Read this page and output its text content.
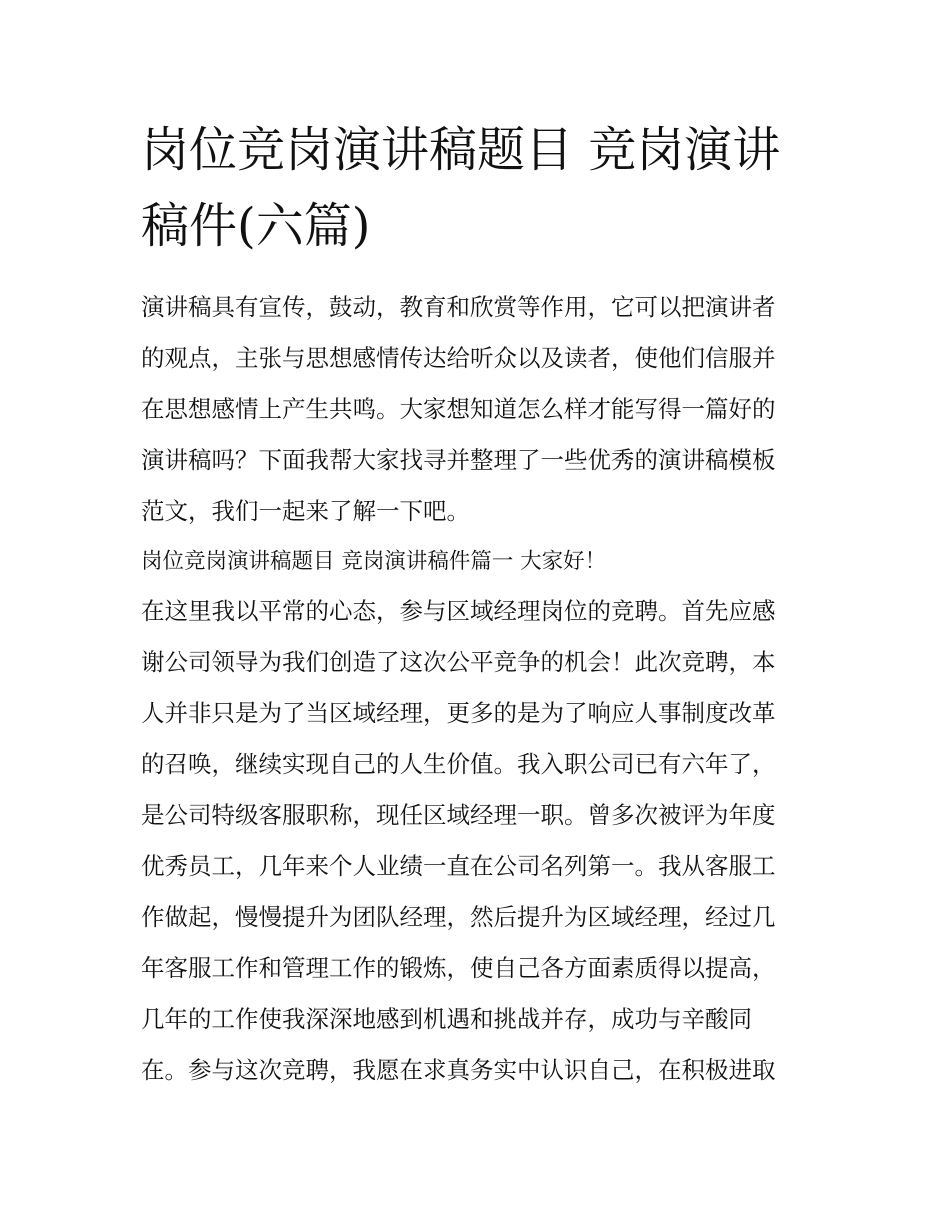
岗位竞岗演讲稿题目 竞岗演讲
稿件(六篇)

演讲稿具有宣传，鼓动，教育和欣赏等作用，它可以把演讲者
的观点，主张与思想感情传达给听众以及读者，使他们信服并
在思想感情上产生共鸣。大家想知道怎么样才能写得一篇好的
演讲稿吗？下面我帮大家找寻并整理了一些优秀的演讲稿模板
范文，我们一起来了解一下吧。

岗位竞岗演讲稿题目 竞岗演讲稿件篇一 大家好！

在这里我以平常的心态，参与区域经理岗位的竞聘。首先应感
谢公司领导为我们创造了这次公平竞争的机会！此次竞聘，本
人并非只是为了当区域经理，更多的是为了响应人事制度改革
的召唤，继续实现自己的人生价值。我入职公司已有六年了，
是公司特级客服职称，现任区域经理一职。曾多次被评为年度
优秀员工，几年来个人业绩一直在公司名列第一。我从客服工
作做起，慢慢提升为团队经理，然后提升为区域经理，经过几
年客服工作和管理工作的锻炼，使自己各方面素质得以提高，
几年的工作使我深深地感到机遇和挑战并存，成功与辛酸同
在。参与这次竞聘，我愿在求真务实中认识自己，在积极进取
